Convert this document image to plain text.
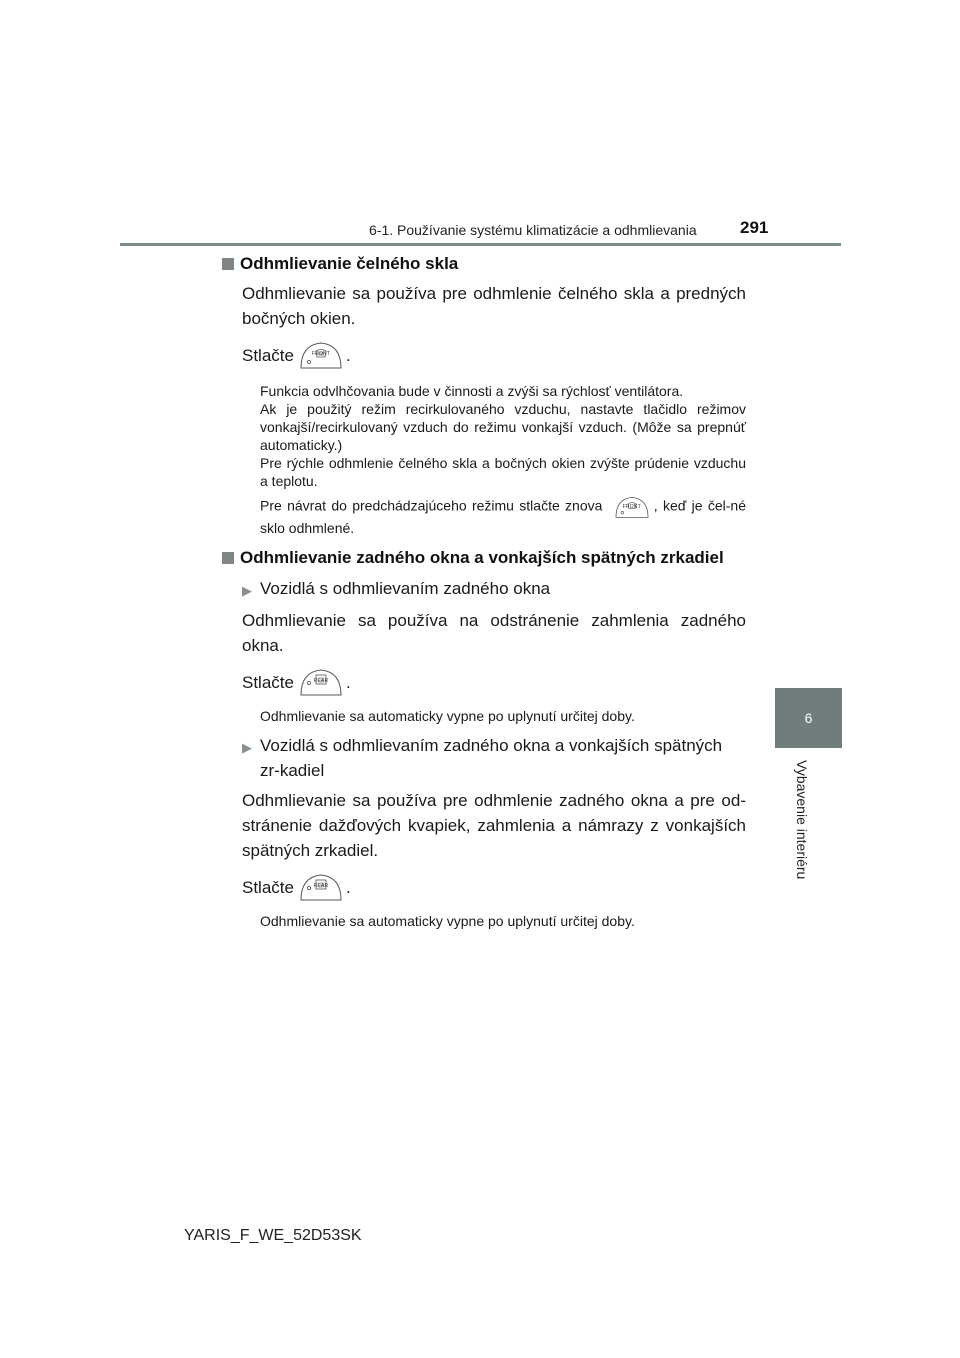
6-1. Používanie systému klimatizácie a odhmlievania	291
6
Vybavenie interiéru
Odhmlievanie čelného skla
Odhmlievanie sa používa pre odhmlenie čelného skla a predných bočných okien.
Stlačte	FRONT .
Funkcia odvlhčovania bude v činnosti a zvýši sa rýchlosť ventilátora.
Ak je použitý režim recirkulovaného vzduchu, nastavte tlačidlo režimov vonkajší/recirkulovaný vzduch do režimu vonkajší vzduch. (Môže sa prepnúť automaticky.)
Pre rýchle odhmlenie čelného skla a bočných okien zvýšte prúdenie vzduchu a teplotu.
Pre návrat do predchádzajúceho režimu stlačte znova	FRONT , keď je čel-né sklo odhmlené.
Odhmlievanie zadného okna a vonkajších spätných zrkadiel
▶ Vozidlá s odhmlievaním zadného okna
Odhmlievanie sa používa na odstránenie zahmlenia zadného okna.
Stlačte	REAR	.
Odhmlievanie sa automaticky vypne po uplynutí určitej doby.
▶ Vozidlá s odhmlievaním zadného okna a vonkajších spätných zr-kadiel
Odhmlievanie sa používa pre odhmlenie zadného okna a pre od-stránenie dažďových kvapiek, zahmlenia a námrazy z vonkajších spätných zrkadiel.
Stlačte	REAR	.
Odhmlievanie sa automaticky vypne po uplynutí určitej doby.
YARIS_F_WE_52D53SK
